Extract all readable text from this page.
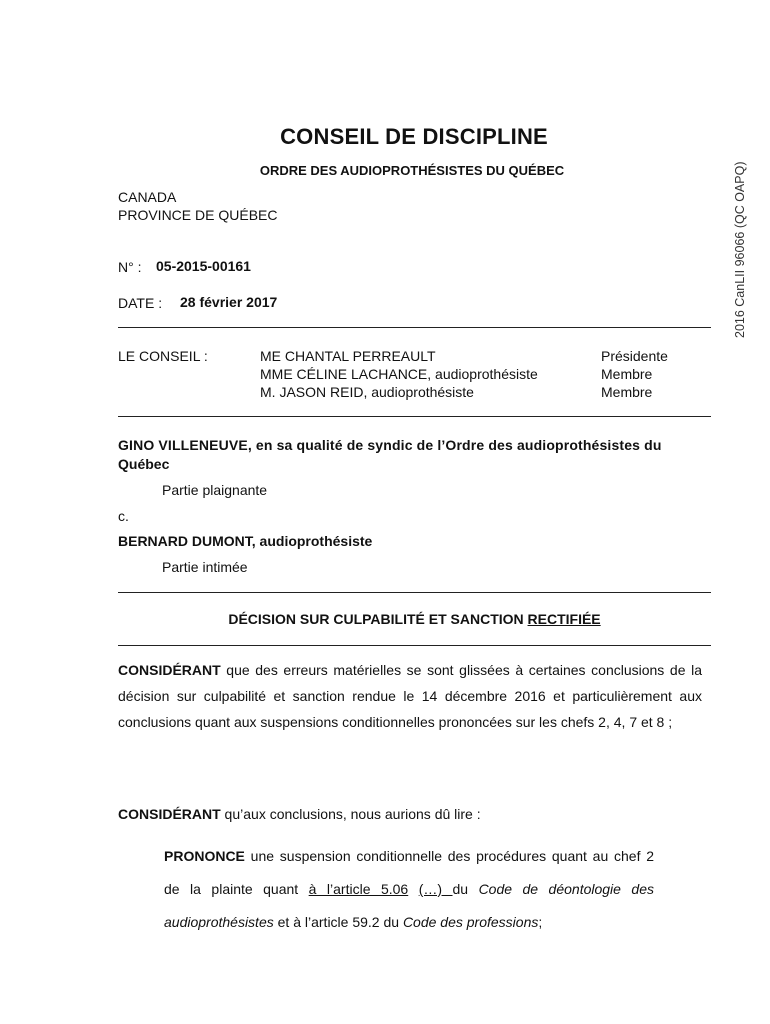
2016 CanLII 96066 (QC OAPQ)
CONSEIL DE DISCIPLINE
ORDRE DES AUDIOPROTHÉSISTES DU QUÉBEC
CANADA
PROVINCE DE QUÉBEC
N° : 05-2015-00161
DATE : 28 février 2017
LE CONSEIL :	ME CHANTAL PERREAULT	Présidente
MME CÉLINE LACHANCE, audioprothésiste	Membre
M. JASON REID, audioprothésiste	Membre
GINO VILLENEUVE, en sa qualité de syndic de l’Ordre des audioprothésistes du
Québec
Partie plaignante
c.
BERNARD DUMONT, audioprothésiste
Partie intimée
DÉCISION SUR CULPABILITÉ ET SANCTION RECTIFIÉE
CONSIDÉRANT que des erreurs matérielles se sont glissées à certaines conclusions de la décision sur culpabilité et sanction rendue le 14 décembre 2016 et particulièrement aux conclusions quant aux suspensions conditionnelles prononcées sur les chefs 2, 4, 7 et 8 ;
CONSIDÉRANT qu’aux conclusions, nous aurions dû lire :
PRONONCE une suspension conditionnelle des procédures quant au chef 2 de la plainte quant à l’article 5.06 (…) du Code de déontologie des audioprothésistes et à l’article 59.2 du Code des professions;
